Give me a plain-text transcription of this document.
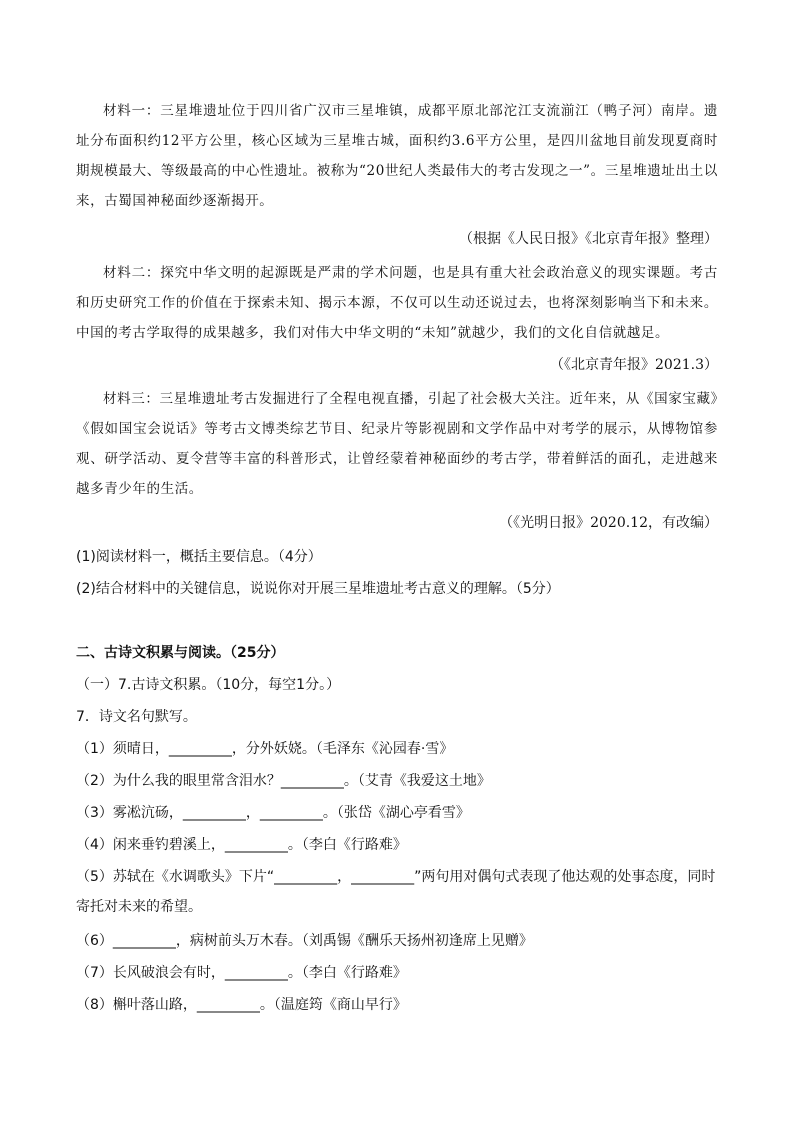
材料一：三星堆遗址位于四川省广汉市三星堆镇，成都平原北部沱江支流湔江（鸭子河）南岸。遗址分布面积约12平方公里，核心区域为三星堆古城，面积约3.6平方公里，是四川盆地目前发现夏商时期规模最大、等级最高的中心性遗址。被称为“20世纪人类最伟大的考古发现之一”。三星堆遗址出土以来，古蜀国神秘面纱逐渐揭开。
（根据《人民日报》《北京青年报》整理）
材料二：探究中华文明的起源既是严肃的学术问题，也是具有重大社会政治意义的现实课题。考古和历史研究工作的价值在于探索未知、揭示本源，不仅可以生动还说过去，也将深刻影响当下和未来。中国的考古学取得的成果越多，我们对伟大中华文明的“未知”就越少，我们的文化自信就越足。
（《北京青年报》2021.3）
材料三：三星堆遗址考古发掘进行了全程电视直播，引起了社会极大关注。近年来，从《国家宝藏》《假如国宝会说话》等考古文博类综艺节目、纪录片等影视剧和文学作品中对考学的展示，从博物馆参观、研学活动、夏令营等丰富的科普形式，让曾经蒙着神秘面纱的考古学，带着鲜活的面孔，走进越来越多青少年的生活。
（《光明日报》2020.12，有改编）
(1)阅读材料一，概括主要信息。（4分）
(2)结合材料中的关键信息，说说你对开展三星堆遗址考古意义的理解。（5分）
二、古诗文积累与阅读。（25分）
（一）7.古诗文积累。（10分，每空1分。）
7．诗文名句默写。
（1）须晴日，_________，分外妖娆。（毛泽东《沁园春·雪》
（2）为什么我的眼里常含泪水？_________。（艾青《我爱这土地》
（3）雾凇沆砀，_________，_________。（张岱《湖心亭看雪》
（4）闲来垂钓碧溪上，_________。（李白《行路难》
（5）苏轼在《水调歌头》下片“_________，_________”两句用对偶句式表现了他达观的处事态度，同时寄托对未来的希望。
（6）_________，病树前头万木春。（刘禹锡《酬乐天扬州初逢席上见赠》
（7）长风破浪会有时，_________。（李白《行路难》
（8）槲叶落山路，_________。（温庭筠《商山早行》
